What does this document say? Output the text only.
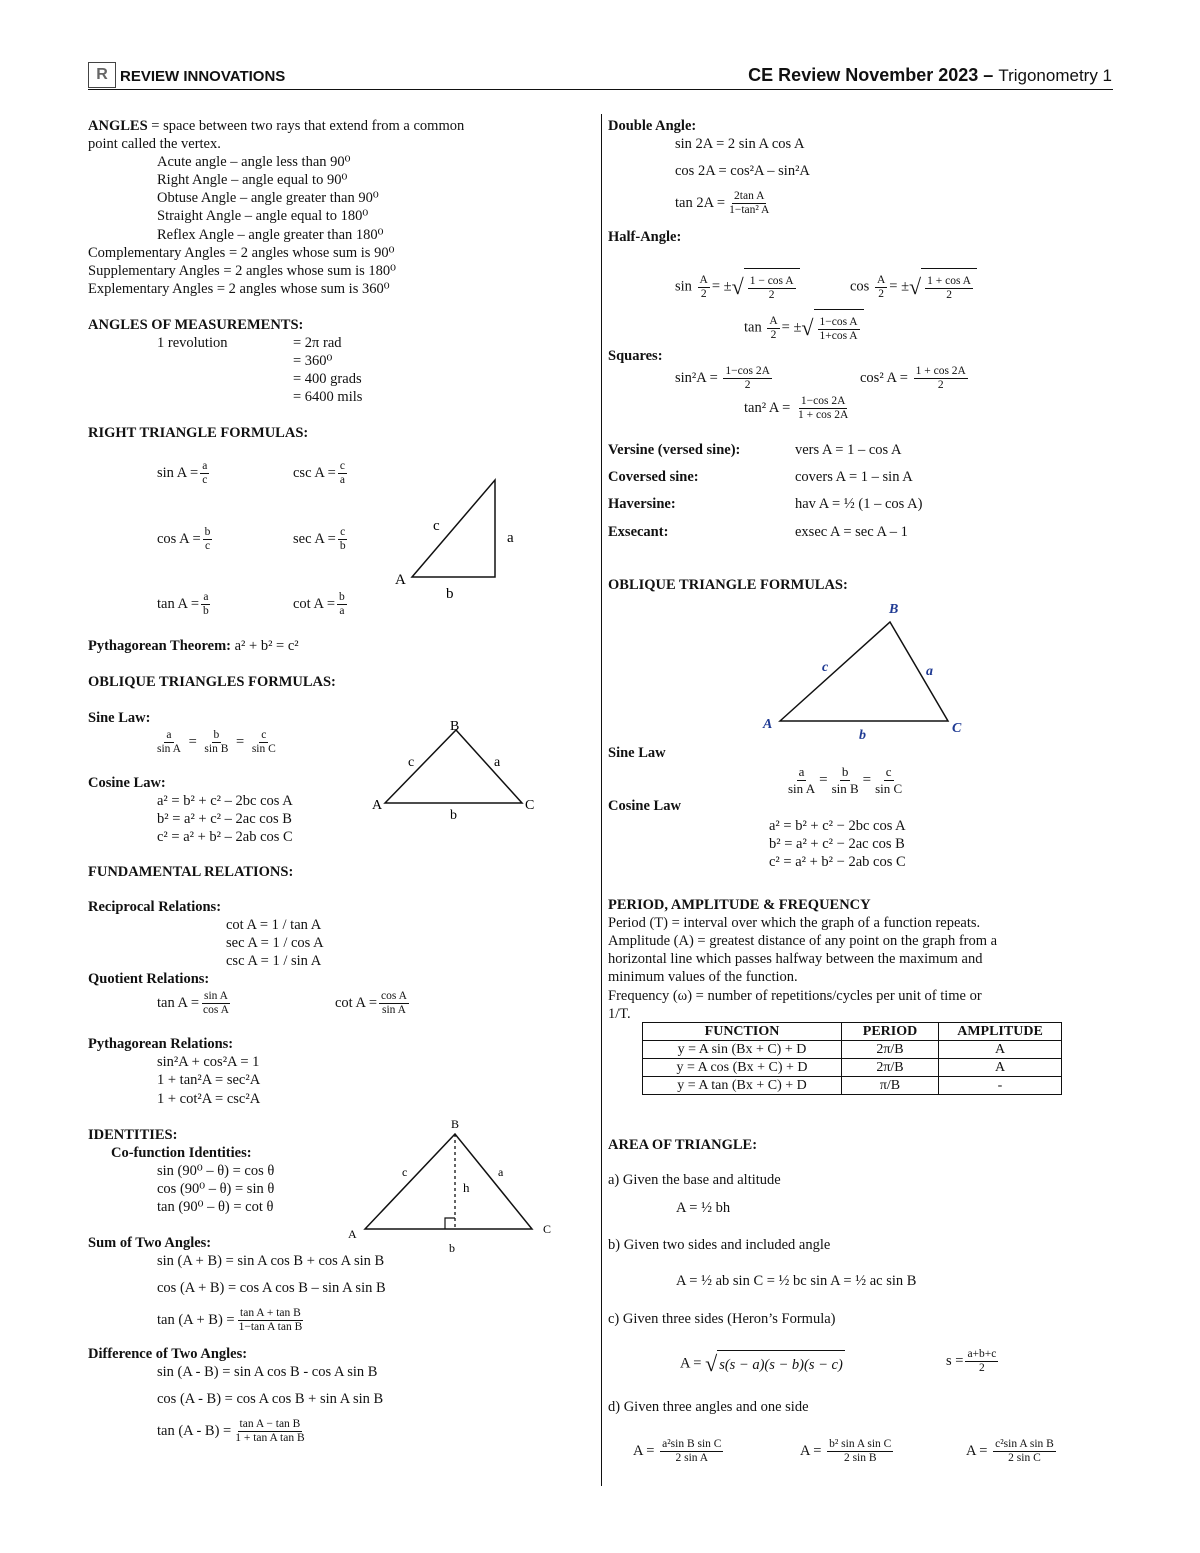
R REVIEW INNOVATIONS	CE Review November 2023 – Trigonometry 1
ANGLES = space between two rays that extend from a common
point called the vertex.
Acute angle – angle less than 90⁰
Right Angle – angle equal to 90⁰
Obtuse Angle – angle greater than 90⁰
Straight Angle – angle equal to 180⁰
Reflex Angle – angle greater than 180⁰
Complementary Angles = 2 angles whose sum is 90⁰
Supplementary Angles = 2 angles whose sum is 180⁰
Explementary Angles = 2 angles whose sum is 360⁰
ANGLES OF MEASUREMENTS:
1 revolution	= 2π rad
= 360⁰
= 400 grads
= 6400 mils
RIGHT TRIANGLE FORMULAS:
$\sin A = \frac{a}{c}$	$\csc A = \frac{c}{a}$
$\cos A = \frac{b}{c}$	$\sec A = \frac{c}{b}$
$\tan A = \frac{a}{b}$	$\cot A = \frac{b}{a}$
A
a
b
c
Pythagorean Theorem: a² + b² = c²
OBLIQUE TRIANGLES FORMULAS:
Sine Law:
$\frac{a}{\text{sin A}} = \frac{b}{\text{sin B}} = \frac{c}{\text{sin C}}$
Cosine Law:
a² = b² + c² – 2bc cos A
b² = a² + c² – 2ac cos B
c² = a² + b² – 2ab cos C
A
B
C
a
b
c
FUNDAMENTAL RELATIONS:
Reciprocal Relations:
cot A = 1 / tan A
sec A = 1 / cos A
csc A = 1 / sin A
Quotient Relations:
$\tan A = \frac{\text{sin A}}{\text{cos A}}$	$\cot A = \frac{\text{cos A}}{\text{sin A}}$
Pythagorean Relations:
sin²A + cos²A = 1
1 + tan²A = sec²A
1 + cot²A = csc²A
IDENTITIES:
Co-function Identities:
sin (90⁰ – θ) = cos θ
cos (90⁰ – θ) = sin θ
tan (90⁰ – θ) = cot θ
A
B
C
a
b
c
h
Sum of Two Angles:
sin (A + B) = sin A cos B + cos A sin B
cos (A + B) = cos A cos B – sin A sin B
$\tan (A + B) = \frac{\text{tan A + tan B}}{\text{1−tan A tan B}}$
Difference of Two Angles:
sin (A - B) = sin A cos B - cos A sin B
cos (A - B) = cos A cos B + sin A sin B
$\tan (A - B) = \frac{\text{tan A − tan B}}{\text{1 + tan A tan B}}$
Double Angle:
sin 2A = 2 sin A cos A
cos 2A = cos²A – sin²A
$\tan 2A = \frac{\text{2tan A}}{\text{1−tan² A}}$
Half-Angle:
$\sin \frac{A}{2}$ = ± √ $\frac{\text{1 − cos A}}{2}$	$\cos \frac{A}{2}$ = ± √ $\frac{\text{1 + cos A}}{2}$
$\tan \frac{A}{2}$ = ± √ $\frac{\text{1−cos A}}{\text{1+cos A}}$
Squares:
$\sin^2A = \frac{1-\cos 2A}{2}$	cos² $A = \frac{1 + \cos 2A}{2}$
tan² $A = \frac{1-\cos 2A}{1 + \cos 2A}$
Versine (versed sine):	vers A = 1 – cos A
Coversed sine:	covers A = 1 – sin A
Haversine:	hav A = ½ (1 – cos A)
Exsecant:	exsec A = sec A – 1
OBLIQUE TRIANGLE FORMULAS:
A
B
C
a
b
c
Sine Law
$\frac{a}{\text{sin A}} = \frac{b}{\text{sin B}} = \frac{c}{\text{sin C}}$
Cosine Law
a² = b² + c² − 2bc cos A
b² = a² + c² − 2ac cos B
c² = a² + b² − 2ab cos C
PERIOD, AMPLITUDE & FREQUENCY
Period (T) = interval over which the graph of a function repeats.
Amplitude (A) = greatest distance of any point on the graph from a
horizontal line which passes halfway between the maximum and
minimum values of the function.
Frequency (ω) = number of repetitions/cycles per unit of time or
1/T.
FUNCTION	PERIOD	AMPLITUDE
y = A sin (Bx + C) + D	2π/B	A
y = A cos (Bx + C) + D	2π/B	A
y = A tan (Bx + C) + D	π/B	-
AREA OF TRIANGLE:
a) Given the base and altitude
A = ½ bh
b) Given two sides and included angle
A = ½ ab sin C = ½ bc sin A = ½ ac sin B
c) Given three sides (Heron’s Formula)
A = √ s(s − a)(s − b)(s − c)	$s = \frac{a+b+c}{2}$
d) Given three angles and one side
$A = \frac{\text{a²sin B sin C}}{\text{2 sin A}}$	$A = \frac{\text{b² sin A sin C}}{\text{2 sin B}}$	$A = \frac{\text{c²sin A sin B}}{\text{2 sin C}}$
